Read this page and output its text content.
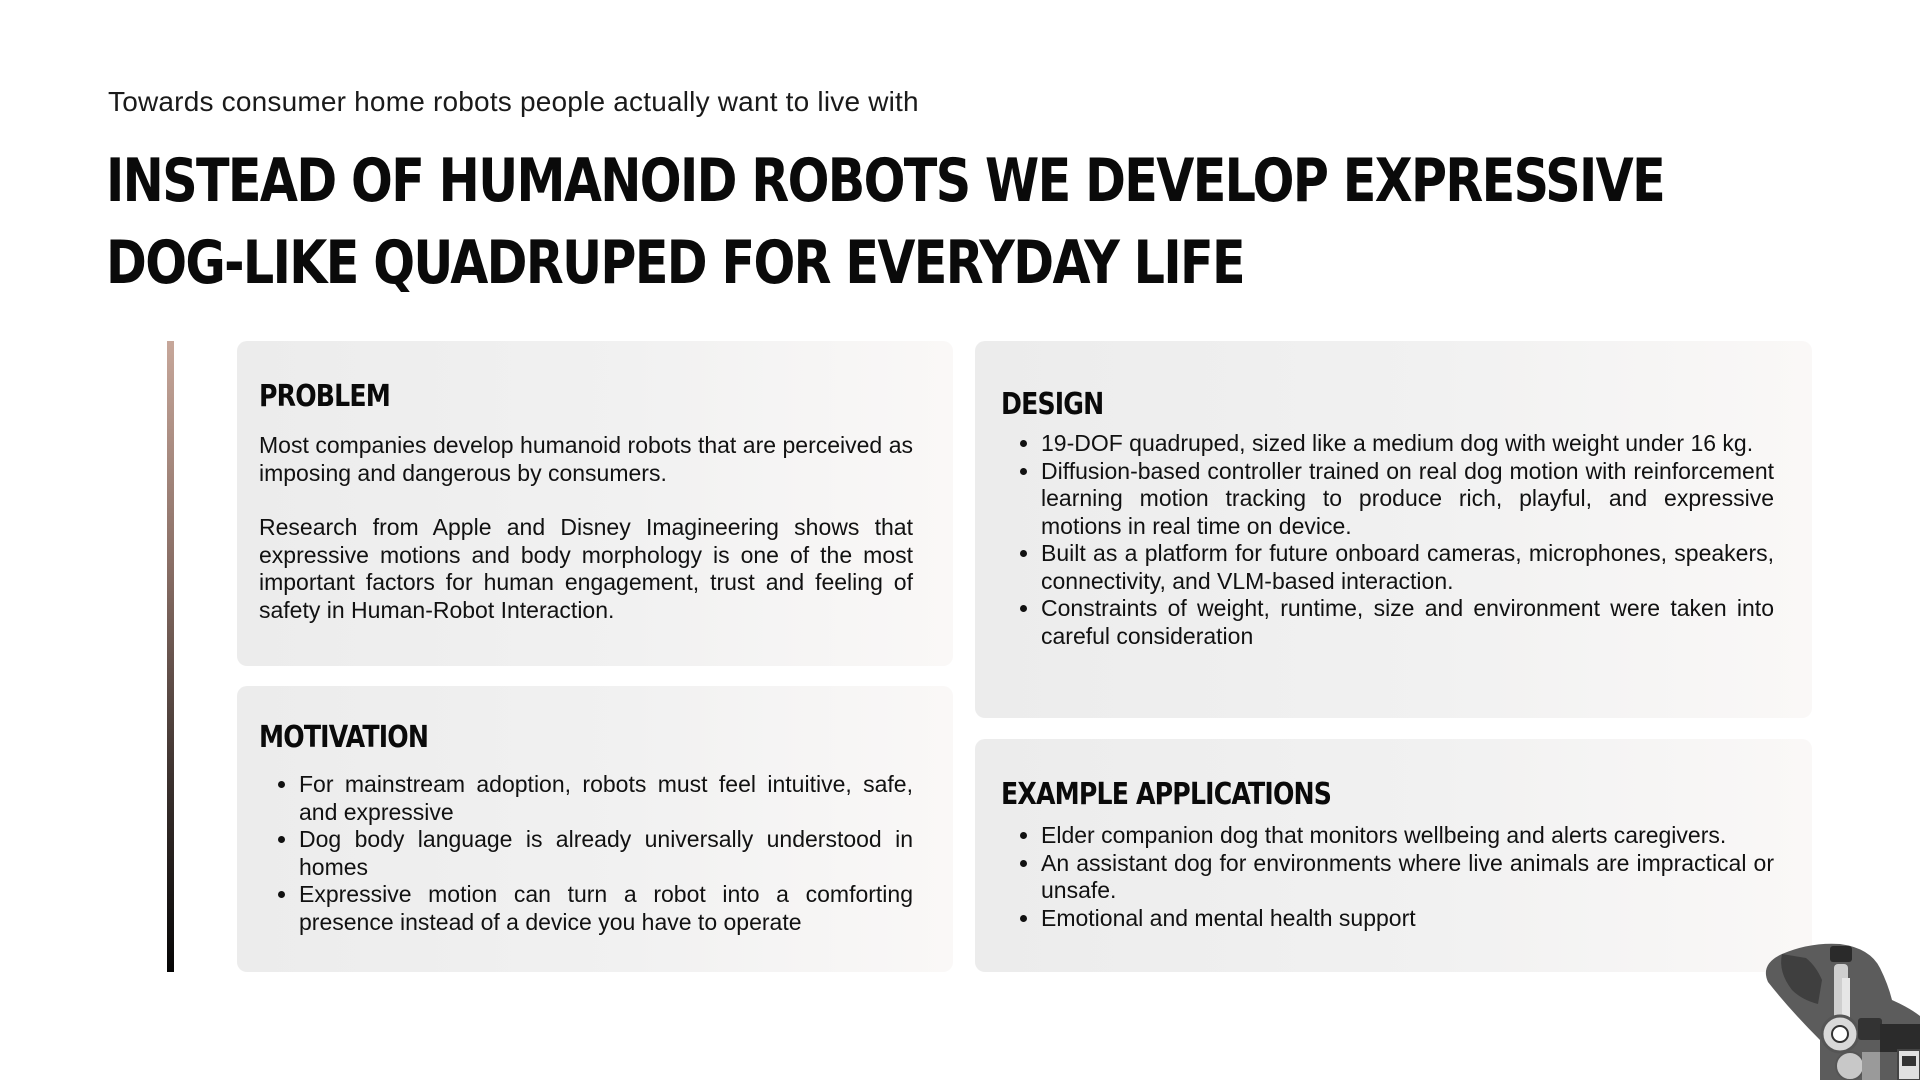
Towards consumer home robots people actually want to live with
INSTEAD OF HUMANOID ROBOTS WE DEVELOP EXPRESSIVE
DOG-LIKE QUADRUPED FOR EVERYDAY LIFE
PROBLEM

Most companies develop humanoid robots that are perceived as imposing and dangerous by consumers.

Research from Apple and Disney Imagineering shows that expressive motions and body morphology is one of the most important factors for human engagement, trust and feeling of safety in Human-Robot Interaction.

MOTIVATION
• For mainstream adoption, robots must feel intuitive, safe, and expressive
• Dog body language is already universally understood in homes
• Expressive motion can turn a robot into a comforting presence instead of a device you have to operate
DESIGN
• 19-DOF quadruped, sized like a medium dog with weight under 16 kg.
• Diffusion-based controller trained on real dog motion with reinforcement learning motion tracking to produce rich, playful, and expressive motions in real time on device.
• Built as a platform for future onboard cameras, microphones, speakers, connectivity, and VLM-based interaction.
• Constraints of weight, runtime, size and environment were taken into careful consideration
EXAMPLE APPLICATIONS
• Elder companion dog that monitors wellbeing and alerts caregivers.
• An assistant dog for environments where live animals are impractical or unsafe.
• Emotional and mental health support
